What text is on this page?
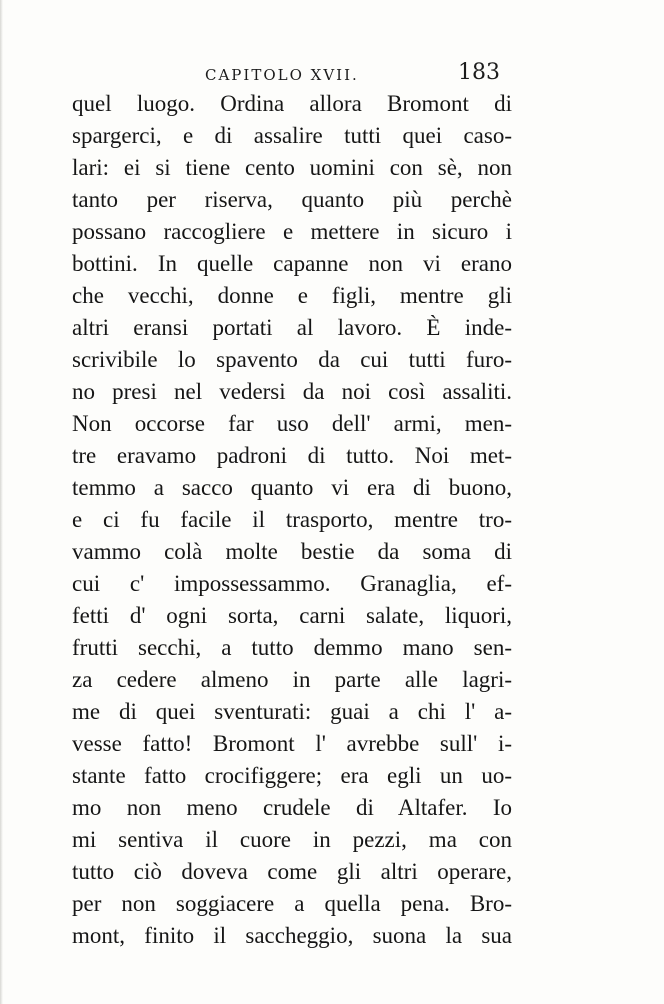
CAPITOLO XVII.	183
quel luogo. Ordina allora Bromont di
spargerci, e di assalire tutti quei caso-
lari: ei si tiene cento uomini con sè, non
tanto per riserva, quanto più perchè
possano raccogliere e mettere in sicuro i
bottini. In quelle capanne non vi erano
che vecchi, donne e figli, mentre gli
altri eransi portati al lavoro. È inde-
scrivibile lo spavento da cui tutti furo-
no presi nel vedersi da noi così assaliti.
Non occorse far uso dell' armi, men-
tre eravamo padroni di tutto. Noi met-
temmo a sacco quanto vi era di buono,
e ci fu facile il trasporto, mentre tro-
vammo colà molte bestie da soma di
cui c' impossessammo. Granaglia, ef-
fetti d' ogni sorta, carni salate, liquori,
frutti secchi, a tutto demmo mano sen-
za cedere almeno in parte alle lagri-
me di quei sventurati: guai a chi l' a-
vesse fatto! Bromont l' avrebbe sull' i-
stante fatto crocifiggere; era egli un uo-
mo non meno crudele di Altafer. Io
mi sentiva il cuore in pezzi, ma con
tutto ciò doveva come gli altri operare,
per non soggiacere a quella pena. Bro-
mont, finito il saccheggio, suona la sua
